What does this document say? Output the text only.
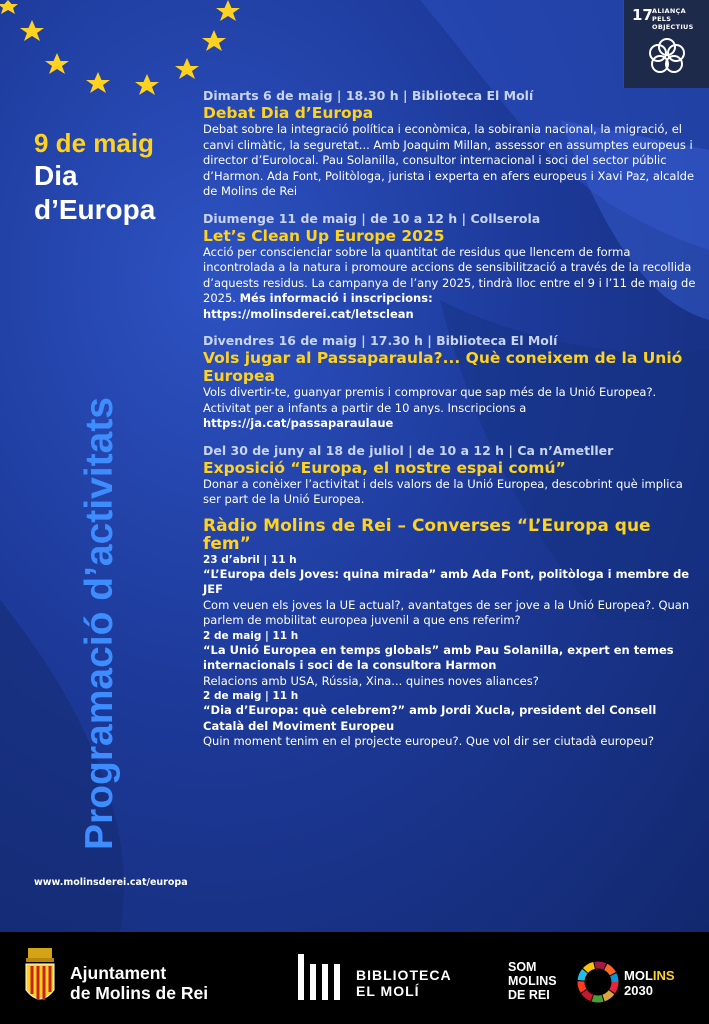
17 ALIANÇA
PELS OBJECTIUS
9 de maig
Dia
d’Europa
Programació d’activitats
www.molinsderei.cat/europa
Dimarts 6 de maig | 18.30 h | Biblioteca El Molí
Debat Dia d’Europa
Debat sobre la integració política i econòmica, la sobirania nacional, la migració, el canvi climàtic, la seguretat... Amb Joaquim Millan, assessor en assumptes europeus i director d’Eurolocal. Pau Solanilla, consultor internacional i soci del sector públic d’Harmon. Ada Font, Politòloga, jurista i experta en afers europeus i Xavi Paz, alcalde de Molins de Rei
Diumenge 11 de maig | de 10 a 12 h | Collserola
Let’s Clean Up Europe 2025
Acció per conscienciar sobre la quantitat de residus que llencem de forma incontrolada a la natura i promoure accions de sensibilització a través de la recollida d’aquests residus. La campanya de l’any 2025, tindrà lloc entre el 9 i l’11 de maig de 2025. Més informació i inscripcions:
https://molinsderei.cat/letsclean
Divendres 16 de maig | 17.30 h | Biblioteca El Molí
Vols jugar al Passaparaula?... Què coneixem de la Unió Europea
Vols divertir-te, guanyar premis i comprovar que sap més de la Unió Europea?. Activitat per a infants a partir de 10 anys. Inscripcions a https://ja.cat/passaparaulaue
Del 30 de juny al 18 de juliol | de 10 a 12 h | Ca n’Ametller
Exposició “Europa, el nostre espai comú”
Donar a conèixer l’activitat i dels valors de la Unió Europea, descobrint què implica ser part de la Unió Europea.
Ràdio Molins de Rei – Converses “L’Europa que fem”
23 d’abril | 11 h
“L’Europa dels Joves: quina mirada” amb Ada Font, politòloga i membre de JEF
Com veuen els joves la UE actual?, avantatges de ser jove a la Unió Europea?. Quan parlem de mobilitat europea juvenil a que ens referim?
2 de maig | 11 h
“La Unió Europea en temps globals” amb Pau Solanilla, expert en temes internacionals i soci de la consultora Harmon
Relacions amb USA, Rússia, Xina... quines noves aliances?
2 de maig | 11 h
“Dia d’Europa: què celebrem?” amb Jordi Xucla, president del Consell Català del Moviment Europeu
Quin moment tenim en el projecte europeu?. Que vol dir ser ciutadà europeu?
Ajuntament
de Molins de Rei
BIBLIOTECA
EL MOLÍ
SOM
MOLINS
DE REI
MOLINS
2030
